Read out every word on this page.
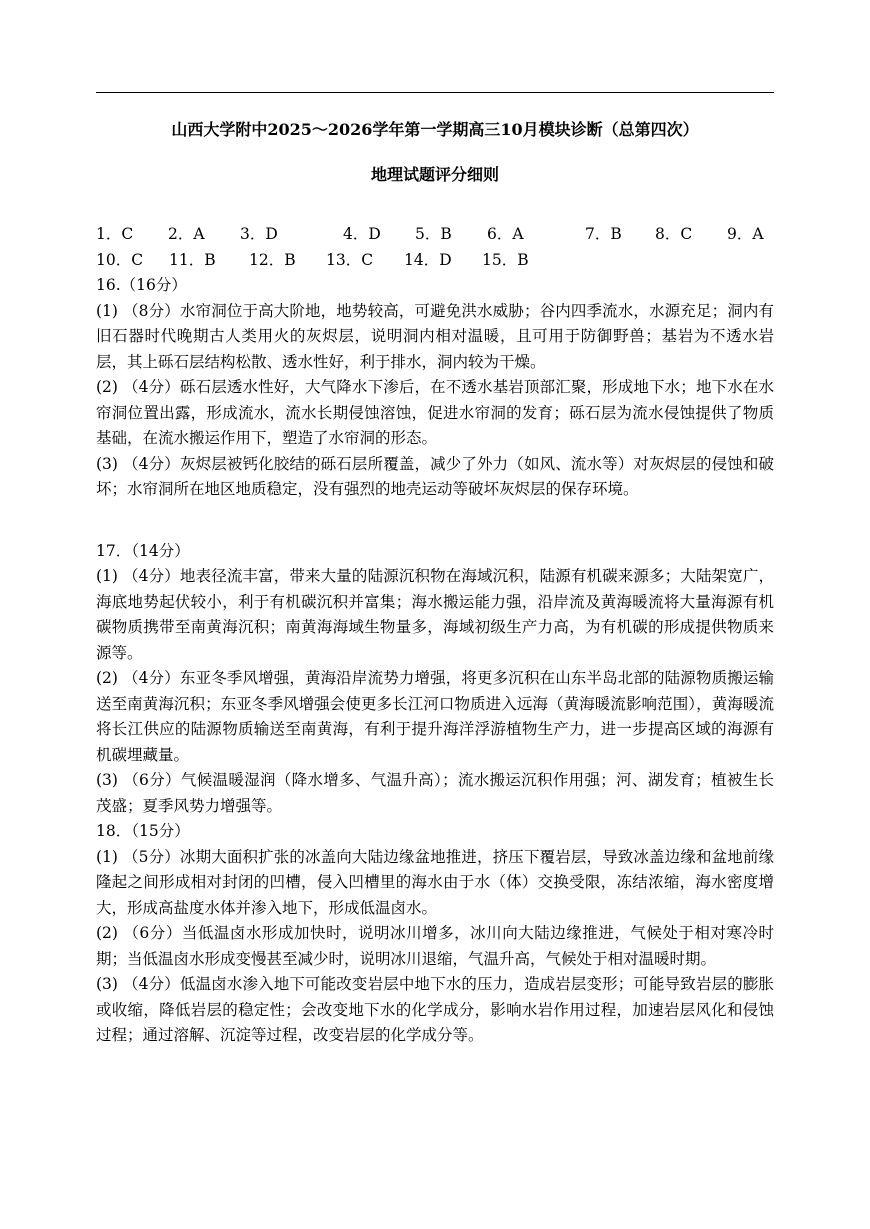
山西大学附中2025～2026学年第一学期高三10月模块诊断（总第四次）
地理试题评分细则
1．C	2．A	3．D	4．D	5．B	6．A	7．B	8．C	9．A
10．C	11．B	12．B	13．C	14．D	15．B

16.（16分）

(1) （8分）水帘洞位于高大阶地，地势较高，可避免洪水威胁；谷内四季流水，水源充足；洞内有旧石器时代晚期古人类用火的灰烬层，说明洞内相对温暖，且可用于防御野兽；基岩为不透水岩层，其上砾石层结构松散、透水性好，利于排水，洞内较为干燥。

(2) （4分）砾石层透水性好，大气降水下渗后，在不透水基岩顶部汇聚，形成地下水；地下水在水帘洞位置出露，形成流水，流水长期侵蚀溶蚀，促进水帘洞的发育；砾石层为流水侵蚀提供了物质基础，在流水搬运作用下，塑造了水帘洞的形态。

(3) （4分）灰烬层被钙化胶结的砾石层所覆盖，减少了外力（如风、流水等）对灰烬层的侵蚀和破坏；水帘洞所在地区地质稳定，没有强烈的地壳运动等破坏灰烬层的保存环境。

17．（14分）

(1) （4分）地表径流丰富，带来大量的陆源沉积物在海域沉积，陆源有机碳来源多；大陆架宽广，海底地势起伏较小，利于有机碳沉积并富集；海水搬运能力强，沿岸流及黄海暖流将大量海源有机碳物质携带至南黄海沉积；南黄海海域生物量多，海域初级生产力高，为有机碳的形成提供物质来源等。

(2) （4分）东亚冬季风增强，黄海沿岸流势力增强，将更多沉积在山东半岛北部的陆源物质搬运输送至南黄海沉积；东亚冬季风增强会使更多长江河口物质进入远海（黄海暖流影响范围），黄海暖流将长江供应的陆源物质输送至南黄海，有利于提升海洋浮游植物生产力，进一步提高区域的海源有机碳埋藏量。

(3) （6分）气候温暖湿润（降水增多、气温升高）；流水搬运沉积作用强；河、湖发育；植被生长茂盛；夏季风势力增强等。

18．（15分）

(1) （5分）冰期大面积扩张的冰盖向大陆边缘盆地推进，挤压下覆岩层，导致冰盖边缘和盆地前缘隆起之间形成相对封闭的凹槽，侵入凹槽里的海水由于水（体）交换受限，冻结浓缩，海水密度增大，形成高盐度水体并渗入地下，形成低温卤水。

(2) （6分）当低温卤水形成加快时，说明冰川增多，冰川向大陆边缘推进，气候处于相对寒冷时期；当低温卤水形成变慢甚至减少时，说明冰川退缩，气温升高，气候处于相对温暖时期。

(3) （4分）低温卤水渗入地下可能改变岩层中地下水的压力，造成岩层变形；可能导致岩层的膨胀或收缩，降低岩层的稳定性；会改变地下水的化学成分，影响水岩作用过程，加速岩层风化和侵蚀过程；通过溶解、沉淀等过程，改变岩层的化学成分等。
